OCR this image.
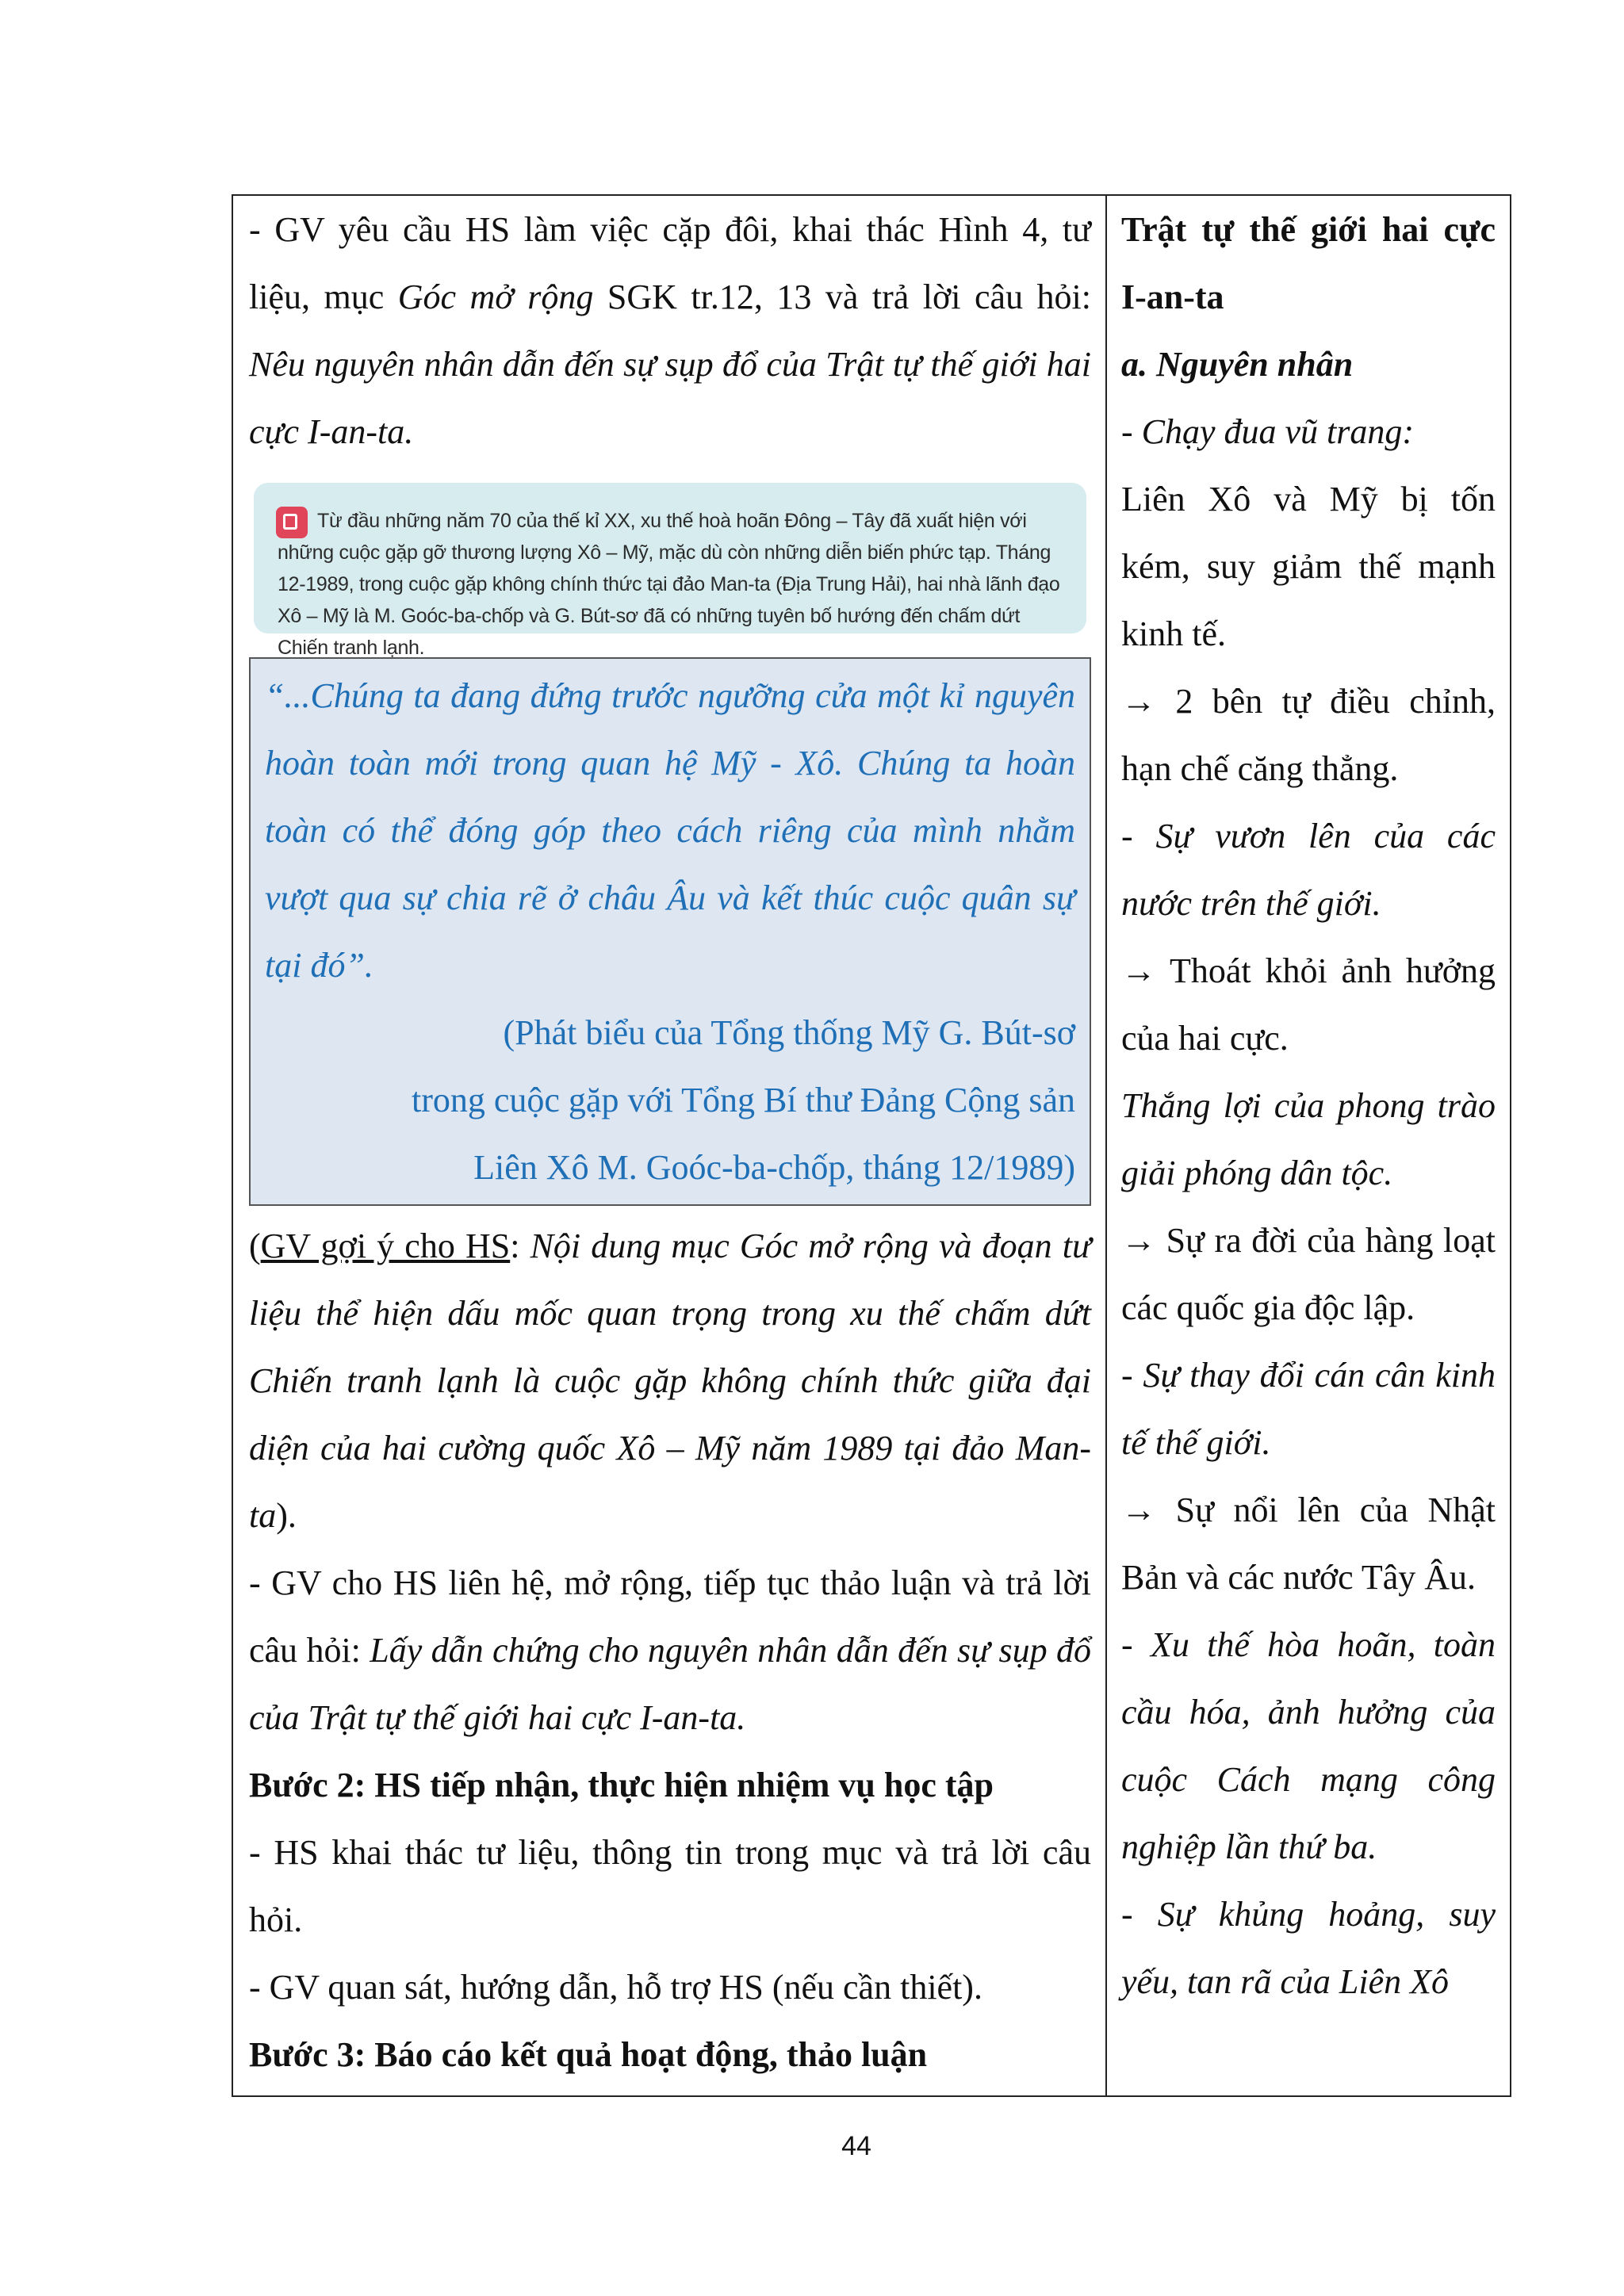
- GV yêu cầu HS làm việc cặp đôi, khai thác Hình 4, tư liệu, mục Góc mở rộng SGK tr.12, 13 và trả lời câu hỏi: Nêu nguyên nhân dẫn đến sự sụp đổ của Trật tự thế giới hai cực I-an-ta.

Từ đầu những năm 70 của thế kỉ XX, xu thế hoà hoãn Đông – Tây đã xuất hiện với những cuộc gặp gỡ thương lượng Xô – Mỹ, mặc dù còn những diễn biến phức tạp. Tháng 12-1989, trong cuộc gặp không chính thức tại đảo Man-ta (Địa Trung Hải), hai nhà lãnh đạo Xô – Mỹ là M. Goóc-ba-chốp và G. Bút-sơ đã có những tuyên bố hướng đến chấm dứt Chiến tranh lạnh.

“...Chúng ta đang đứng trước ngưỡng cửa một kỉ nguyên hoàn toàn mới trong quan hệ Mỹ - Xô. Chúng ta hoàn toàn có thể đóng góp theo cách riêng của mình nhằm vượt qua sự chia rẽ ở châu Âu và kết thúc cuộc quân sự tại đó”.

(Phát biểu của Tổng thống Mỹ G. Bút-sơ

trong cuộc gặp với Tổng Bí thư Đảng Cộng sản

Liên Xô M. Goóc-ba-chốp, tháng 12/1989)

(GV gợi ý cho HS: Nội dung mục Góc mở rộng và đoạn tư liệu thể hiện dấu mốc quan trọng trong xu thế chấm dứt Chiến tranh lạnh là cuộc gặp không chính thức giữa đại diện của hai cường quốc Xô – Mỹ năm 1989 tại đảo Man-ta).

- GV cho HS liên hệ, mở rộng, tiếp tục thảo luận và trả lời câu hỏi: Lấy dẫn chứng cho nguyên nhân dẫn đến sự sụp đổ của Trật tự thế giới hai cực I-an-ta.

Bước 2: HS tiếp nhận, thực hiện nhiệm vụ học tập

- HS khai thác tư liệu, thông tin trong mục và trả lời câu hỏi.

- GV quan sát, hướng dẫn, hỗ trợ HS (nếu cần thiết).

Bước 3: Báo cáo kết quả hoạt động, thảo luận

Trật tự thế giới hai cực I-an-ta

a. Nguyên nhân

- Chạy đua vũ trang:

Liên Xô và Mỹ bị tốn kém, suy giảm thế mạnh kinh tế.

→ 2 bên tự điều chỉnh, hạn chế căng thẳng.

- Sự vươn lên của các nước trên thế giới.

→ Thoát khỏi ảnh hưởng của hai cực.

Thắng lợi của phong trào giải phóng dân tộc.

→ Sự ra đời của hàng loạt các quốc gia độc lập.

- Sự thay đổi cán cân kinh tế thế giới.

→ Sự nổi lên của Nhật Bản và các nước Tây Âu.

- Xu thế hòa hoãn, toàn cầu hóa, ảnh hưởng của cuộc Cách mạng công nghiệp lần thứ ba.

- Sự khủng hoảng, suy yếu, tan rã của Liên Xô

44
